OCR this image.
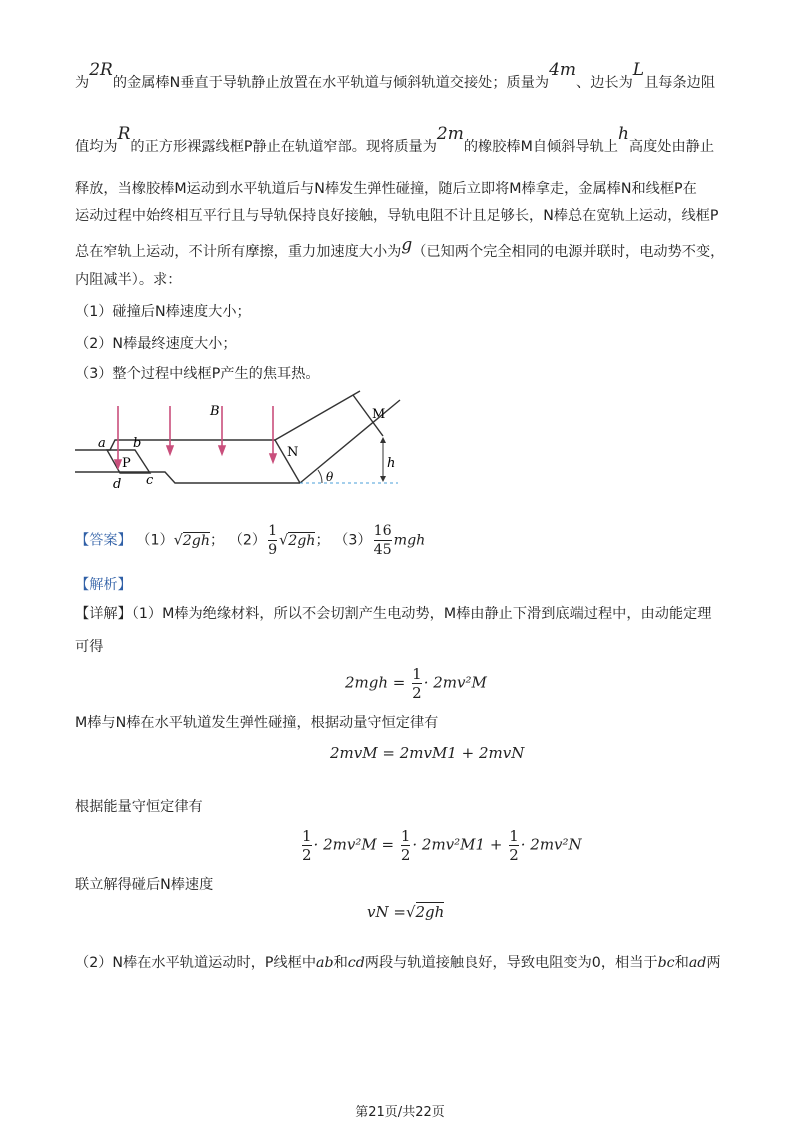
为2R的金属棒N垂直于导轨静止放置在水平轨道与倾斜轨道交接处；质量为4m、边长为L且每条边阻
值均为R的正方形裸露线框P静止在轨道窄部。现将质量为2m的橡胶棒M自倾斜导轨上h高度处由静止
释放，当橡胶棒M运动到水平轨道后与N棒发生弹性碰撞，随后立即将M棒拿走，金属棒N和线框P在
运动过程中始终相互平行且与导轨保持良好接触，导轨电阻不计且足够长，N棒总在宽轨上运动，线框P
总在窄轨上运动，不计所有摩擦，重力加速度大小为g（已知两个完全相同的电源并联时，电动势不变，
内阻减半）。求：
（1）碰撞后N棒速度大小；
（2）N棒最终速度大小；
（3）整个过程中线框P产生的焦耳热。
a b
c
d
P
B
N
M
h
θ
【答案】 （1）√2gh； $(2) \frac{1}{9} √2gh$； $(3) \frac{16}{45}$ mgh
【解析】
【详解】（1）M棒为绝缘材料，所以不会切割产生电动势，M棒由静止下滑到底端过程中，由动能定理
可得
$2mgh = \frac{1}{2} \cdot 2mv^2M$
M棒与N棒在水平轨道发生弹性碰撞，根据动量守恒定律有
2mvM = 2mvM1 + 2mvN
根据能量守恒定律有
$\frac{1}{2} \cdot 2mv^2M = \frac{1}{2} \cdot 2mv^2M1 + \frac{1}{2} \cdot 2mv^2N$
联立解得碰后N棒速度
vN =√2gh
（2）N棒在水平轨道运动时，P线框中ab和cd两段与轨道接触良好，导致电阻变为0，相当于bc和ad两
第21页/共22页
